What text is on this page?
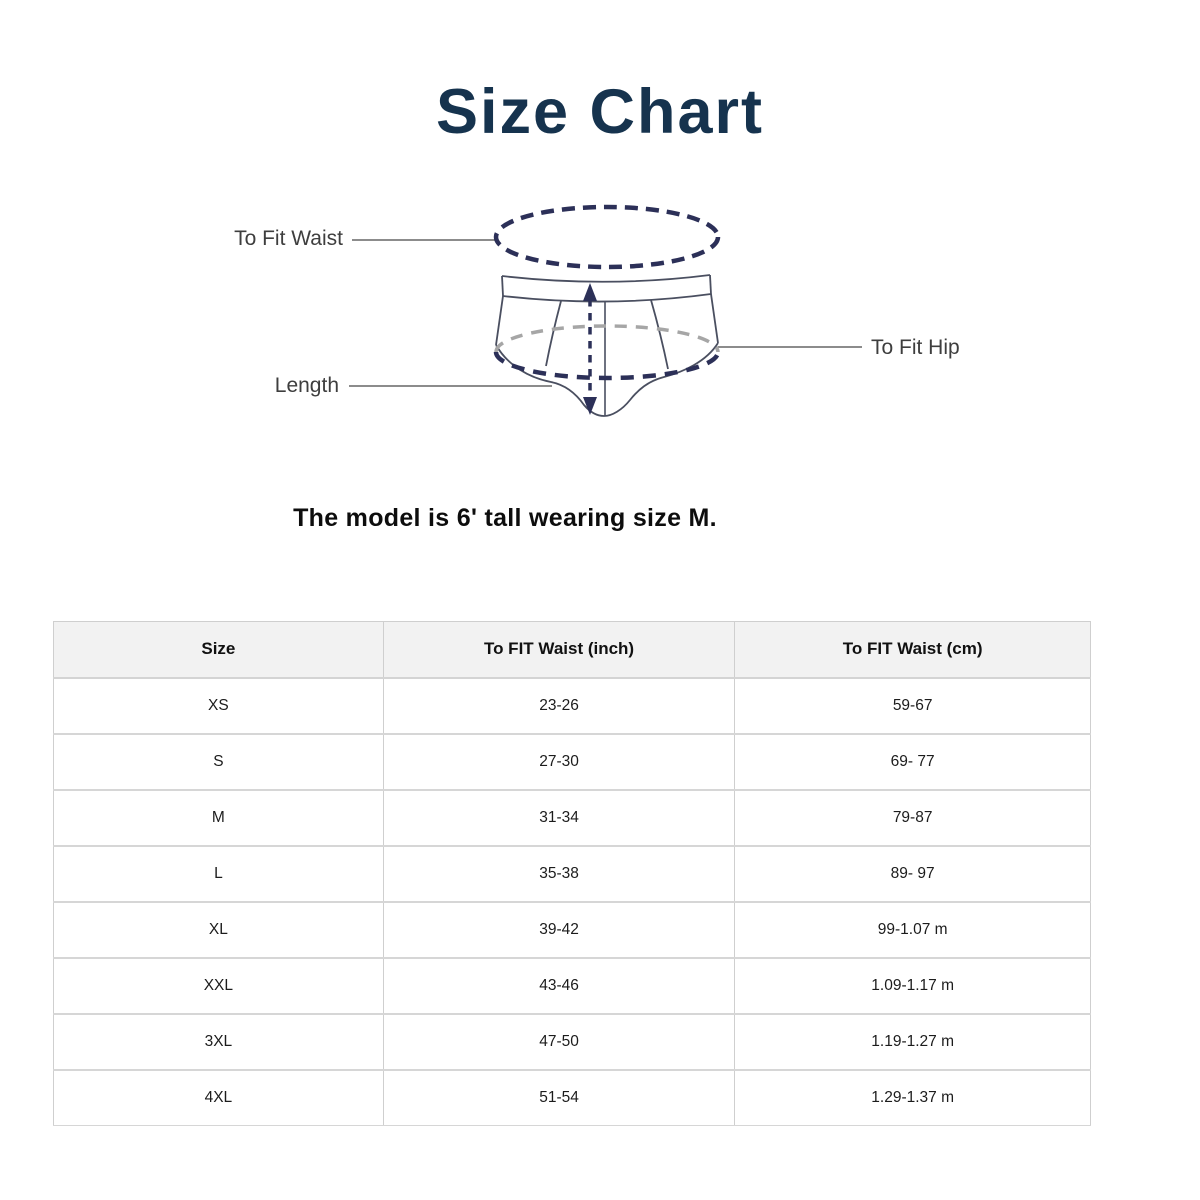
Size Chart
To Fit Waist
To Fit Hip
Length
The model is 6' tall wearing size M.
Size	To FIT Waist (inch)	To FIT Waist (cm)
XS	23-26	59-67
S	27-30	69- 77
M	31-34	79-87
L	35-38	89- 97
XL	39-42	99-1.07 m
XXL	43-46	1.09-1.17 m
3XL	47-50	1.19-1.27 m
4XL	51-54	1.29-1.37 m
